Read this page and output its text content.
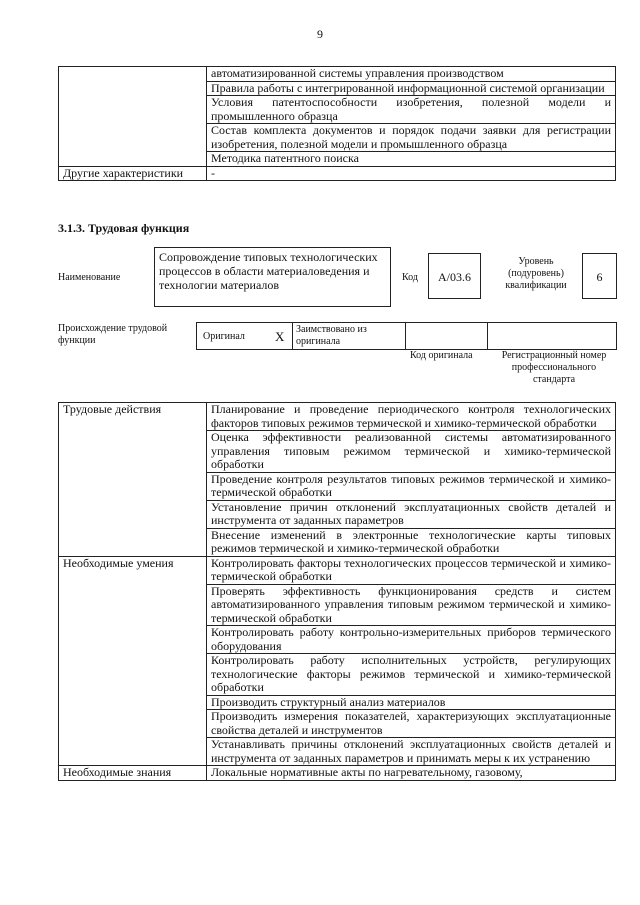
9
	автоматизированной системы управления производством
	Правила работы с интегрированной информационной системой организации
	Условия патентоспособности изобретения, полезной модели и промышленного образца
	Состав комплекта документов и порядок подачи заявки для регистрации изобретения, полезной модели и промышленного образца
	Методика патентного поиска
Другие характеристики	-
3.1.3. Трудовая функция
Наименование
Сопровождение типовых технологических процессов в области материаловедения и технологии материалов
Код	А/03.6
Уровень (подуровень) квалификации
6
Происхождение трудовой функции	Оригинал X	Заимствовано из оригинала
Код оригинала	Регистрационный номер профессионального стандарта
Трудовые действия	Планирование и проведение периодического контроля технологических факторов типовых режимов термической и химико-термической обработки
	Оценка эффективности реализованной системы автоматизированного управления типовым режимом термической и химико-термической обработки
	Проведение контроля результатов типовых режимов термической и химико-термической обработки
	Установление причин отклонений эксплуатационных свойств деталей и инструмента от заданных параметров
	Внесение изменений в электронные технологические карты типовых режимов термической и химико-термической обработки
Необходимые умения	Контролировать факторы технологических процессов термической и химико-термической обработки
	Проверять эффективность функционирования средств и систем автоматизированного управления типовым режимом термической и химико-термической обработки
	Контролировать работу контрольно-измерительных приборов термического оборудования
	Контролировать работу исполнительных устройств, регулирующих технологические факторы режимов термической и химико-термической обработки
	Производить структурный анализ материалов
	Производить измерения показателей, характеризующих эксплуатационные свойства деталей и инструментов
	Устанавливать причины отклонений эксплуатационных свойств деталей и инструмента от заданных параметров и принимать меры к их устранению
Необходимые знания	Локальные нормативные акты по нагревательному, газовому,
